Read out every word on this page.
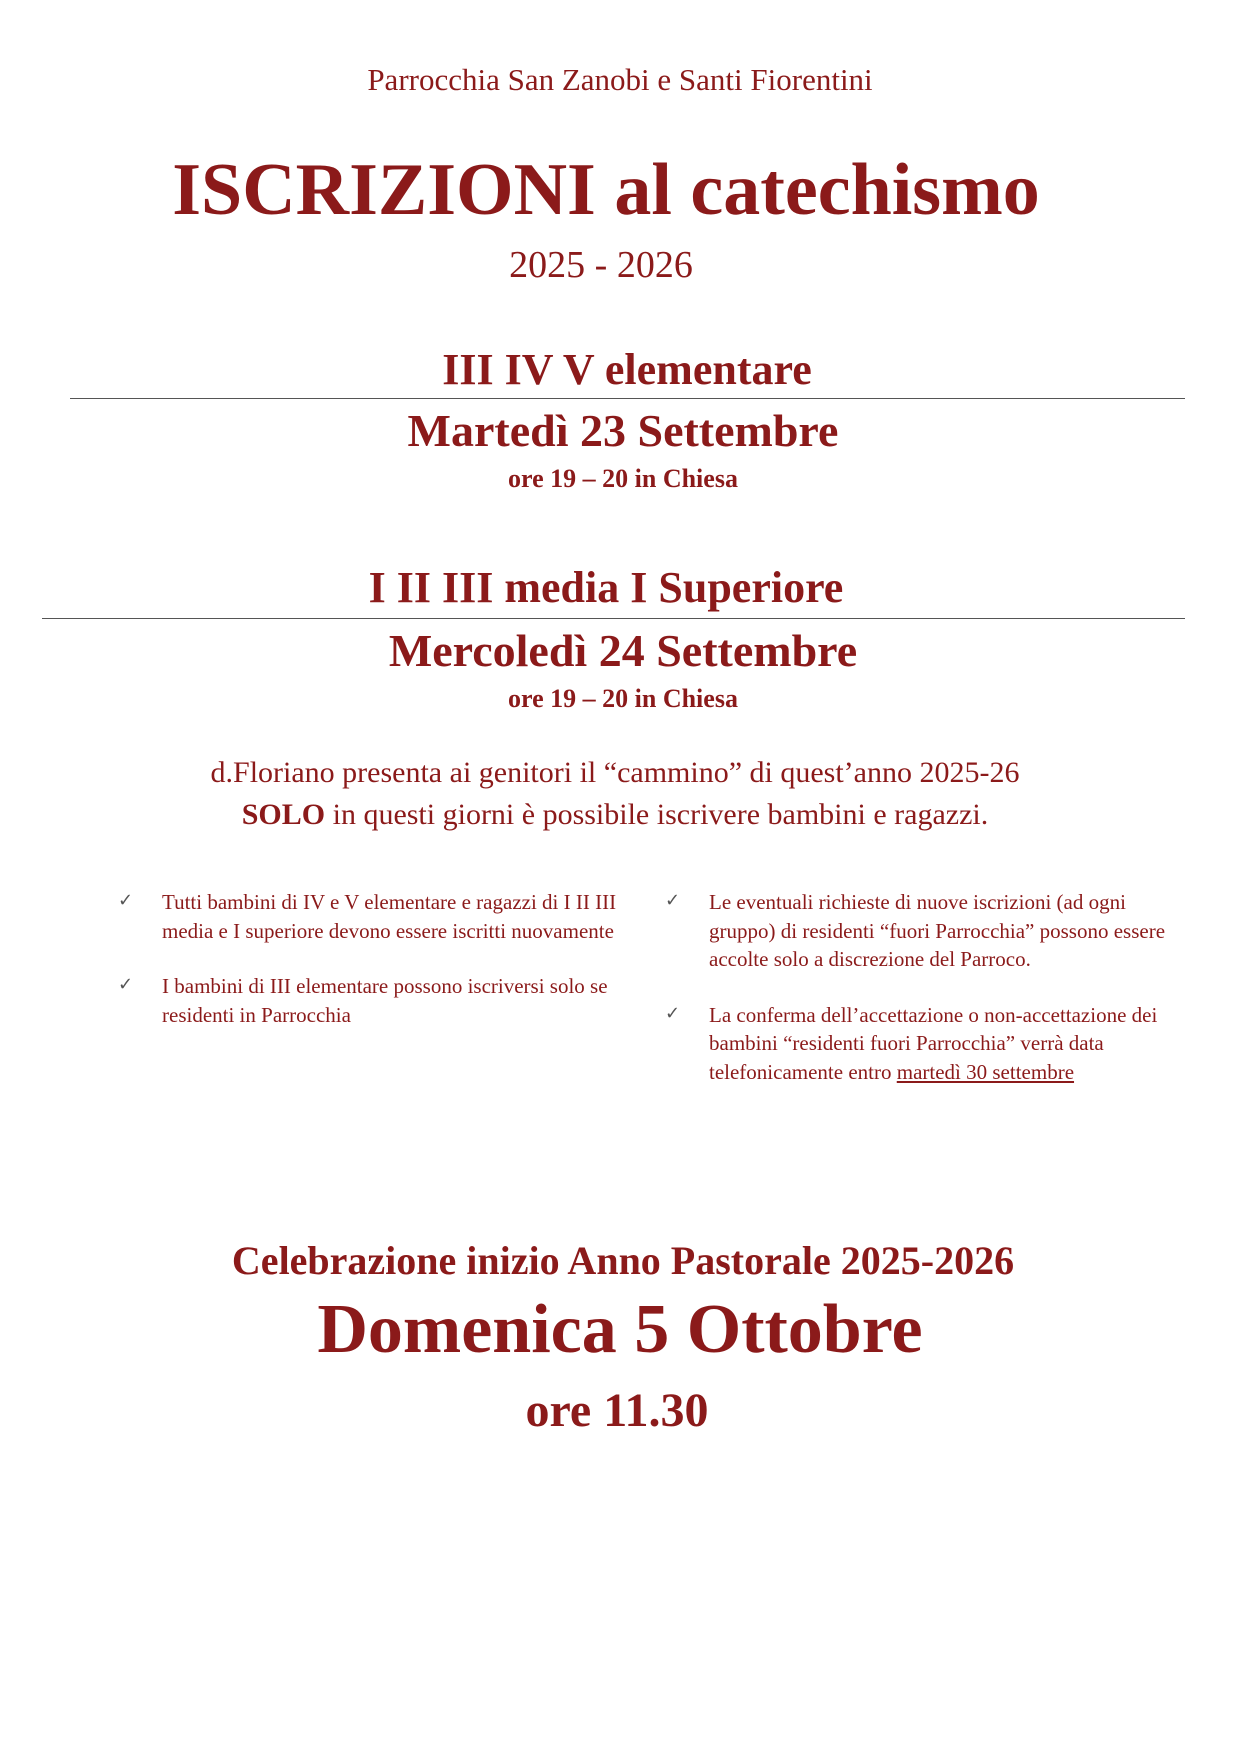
Parrocchia San Zanobi e Santi Fiorentini
ISCRIZIONI al catechismo
2025 - 2026
III IV V elementare
Martedì 23 Settembre
ore 19 – 20 in Chiesa
I II III media I Superiore
Mercoledì 24 Settembre
ore 19 – 20 in Chiesa
d.Floriano presenta ai genitori il “cammino” di quest’anno 2025-26
SOLO in questi giorni è possibile iscrivere bambini e ragazzi.
✓ Tutti bambini di IV e V elementare e ragazzi di I II III media e I superiore devono essere iscritti nuovamente
✓ I bambini di III elementare possono iscriversi solo se residenti in Parrocchia
✓ Le eventuali richieste di nuove iscrizioni (ad ogni gruppo) di residenti “fuori Parrocchia” possono essere accolte solo a discrezione del Parroco.
✓ La conferma dell’accettazione o non-accettazione dei bambini “residenti fuori Parrocchia” verrà data telefonicamente entro martedì 30 settembre
Celebrazione inizio Anno Pastorale 2025-2026
Domenica 5 Ottobre
ore 11.30
